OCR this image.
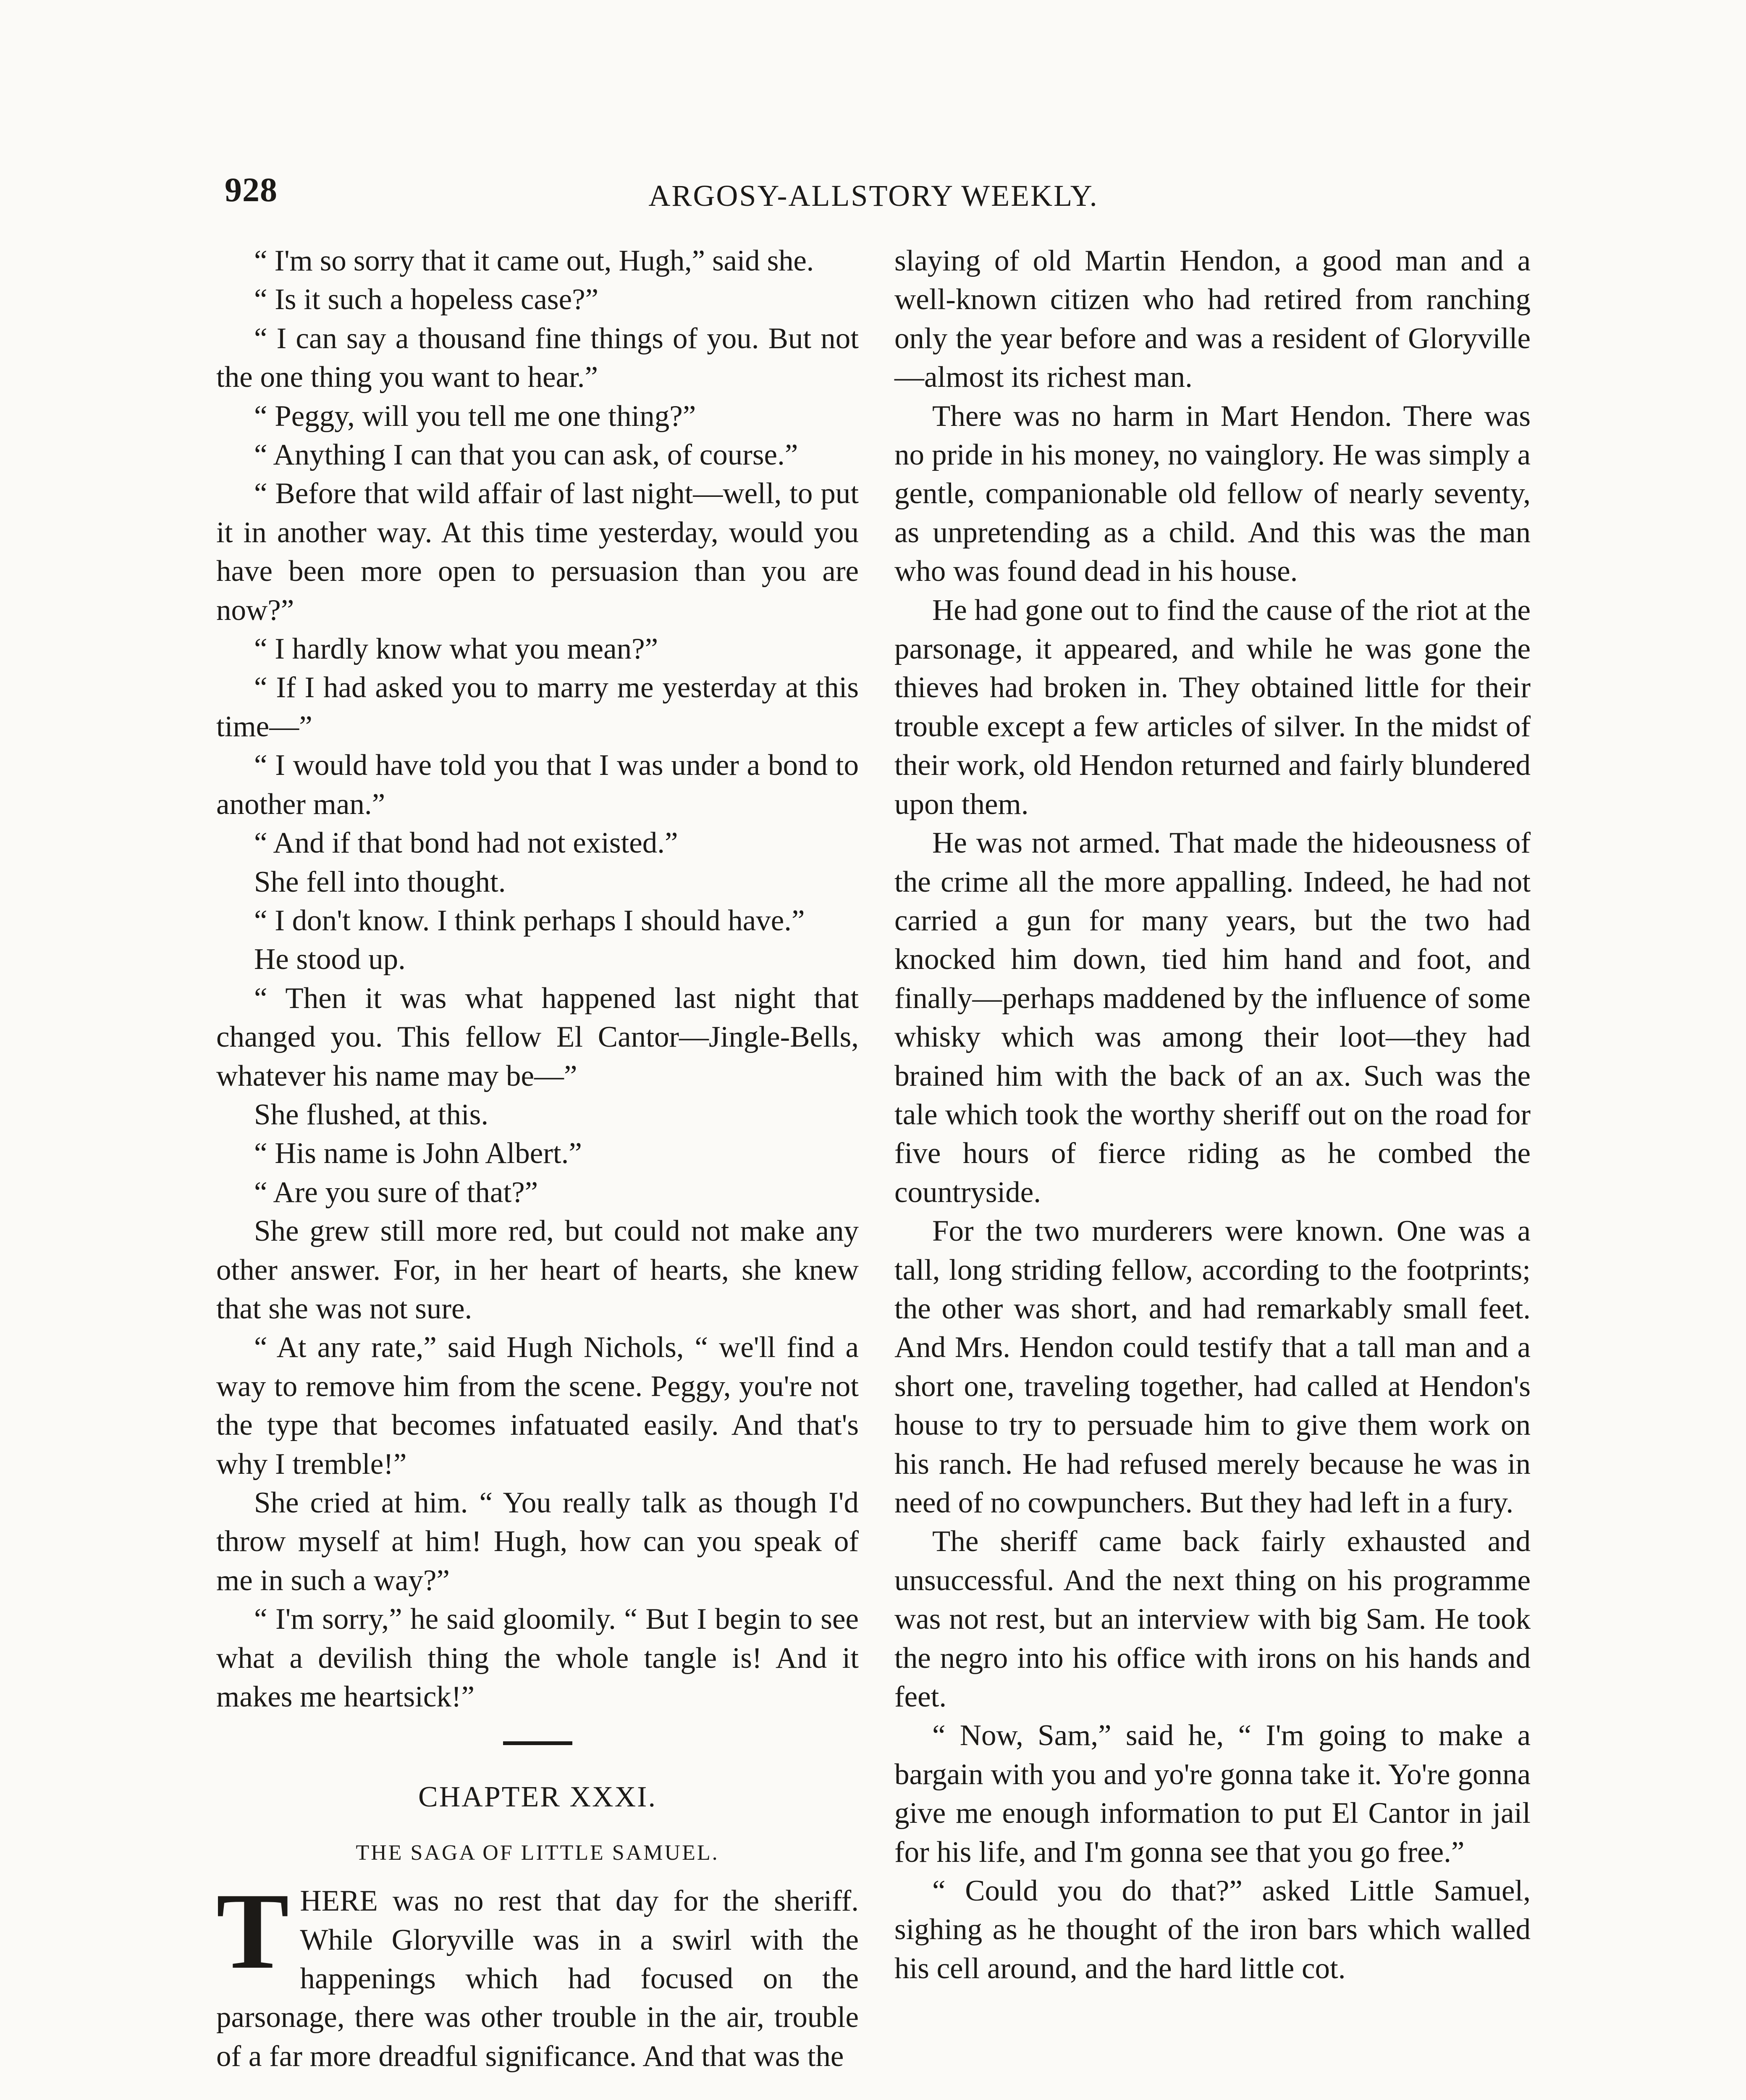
928	ARGOSY-ALLSTORY WEEKLY.

“ I'm so sorry that it came out, Hugh,” said she.

“ Is it such a hopeless case?”

“ I can say a thousand fine things of you. But not the one thing you want to hear.”

“ Peggy, will you tell me one thing?”

“ Anything I can that you can ask, of course.”

“ Before that wild affair of last night—well, to put it in another way. At this time yesterday, would you have been more open to persuasion than you are now?”

“ I hardly know what you mean?”

“ If I had asked you to marry me yesterday at this time—”

“ I would have told you that I was under a bond to another man.”

“ And if that bond had not existed.”

She fell into thought.

“ I don't know. I think perhaps I should have.”

He stood up.

“ Then it was what happened last night that changed you. This fellow El Cantor—Jingle-Bells, whatever his name may be—”

She flushed, at this.

“ His name is John Albert.”

“ Are you sure of that?”

She grew still more red, but could not make any other answer. For, in her heart of hearts, she knew that she was not sure.

“ At any rate,” said Hugh Nichols, “ we'll find a way to remove him from the scene. Peggy, you're not the type that becomes infatuated easily. And that's why I tremble!”

She cried at him. “ You really talk as though I'd throw myself at him! Hugh, how can you speak of me in such a way?”

“ I'm sorry,” he said gloomily. “ But I begin to see what a devilish thing the whole tangle is! And it makes me heartsick!”

CHAPTER XXXI.
THE SAGA OF LITTLE SAMUEL.

THERE was no rest that day for the sheriff. While Gloryville was in a swirl with the happenings which had focused on the parsonage, there was other trouble in the air, trouble of a far more dreadful significance. And that was the

slaying of old Martin Hendon, a good man and a well-known citizen who had retired from ranching only the year before and was a resident of Gloryville—almost its richest man.

There was no harm in Mart Hendon. There was no pride in his money, no vainglory. He was simply a gentle, companionable old fellow of nearly seventy, as unpretending as a child. And this was the man who was found dead in his house.

He had gone out to find the cause of the riot at the parsonage, it appeared, and while he was gone the thieves had broken in. They obtained little for their trouble except a few articles of silver. In the midst of their work, old Hendon returned and fairly blundered upon them.

He was not armed. That made the hideousness of the crime all the more appalling. Indeed, he had not carried a gun for many years, but the two had knocked him down, tied him hand and foot, and finally—perhaps maddened by the influence of some whisky which was among their loot—they had brained him with the back of an ax. Such was the tale which took the worthy sheriff out on the road for five hours of fierce riding as he combed the countryside.

For the two murderers were known. One was a tall, long striding fellow, according to the footprints; the other was short, and had remarkably small feet. And Mrs. Hendon could testify that a tall man and a short one, traveling together, had called at Hendon's house to try to persuade him to give them work on his ranch. He had refused merely because he was in need of no cowpunchers. But they had left in a fury.

The sheriff came back fairly exhausted and unsuccessful. And the next thing on his programme was not rest, but an interview with big Sam. He took the negro into his office with irons on his hands and feet.

“ Now, Sam,” said he, “ I'm going to make a bargain with you and yo're gonna take it. Yo're gonna give me enough information to put El Cantor in jail for his life, and I'm gonna see that you go free.”

“ Could you do that?” asked Little Samuel, sighing as he thought of the iron bars which walled his cell around, and the hard little cot.
